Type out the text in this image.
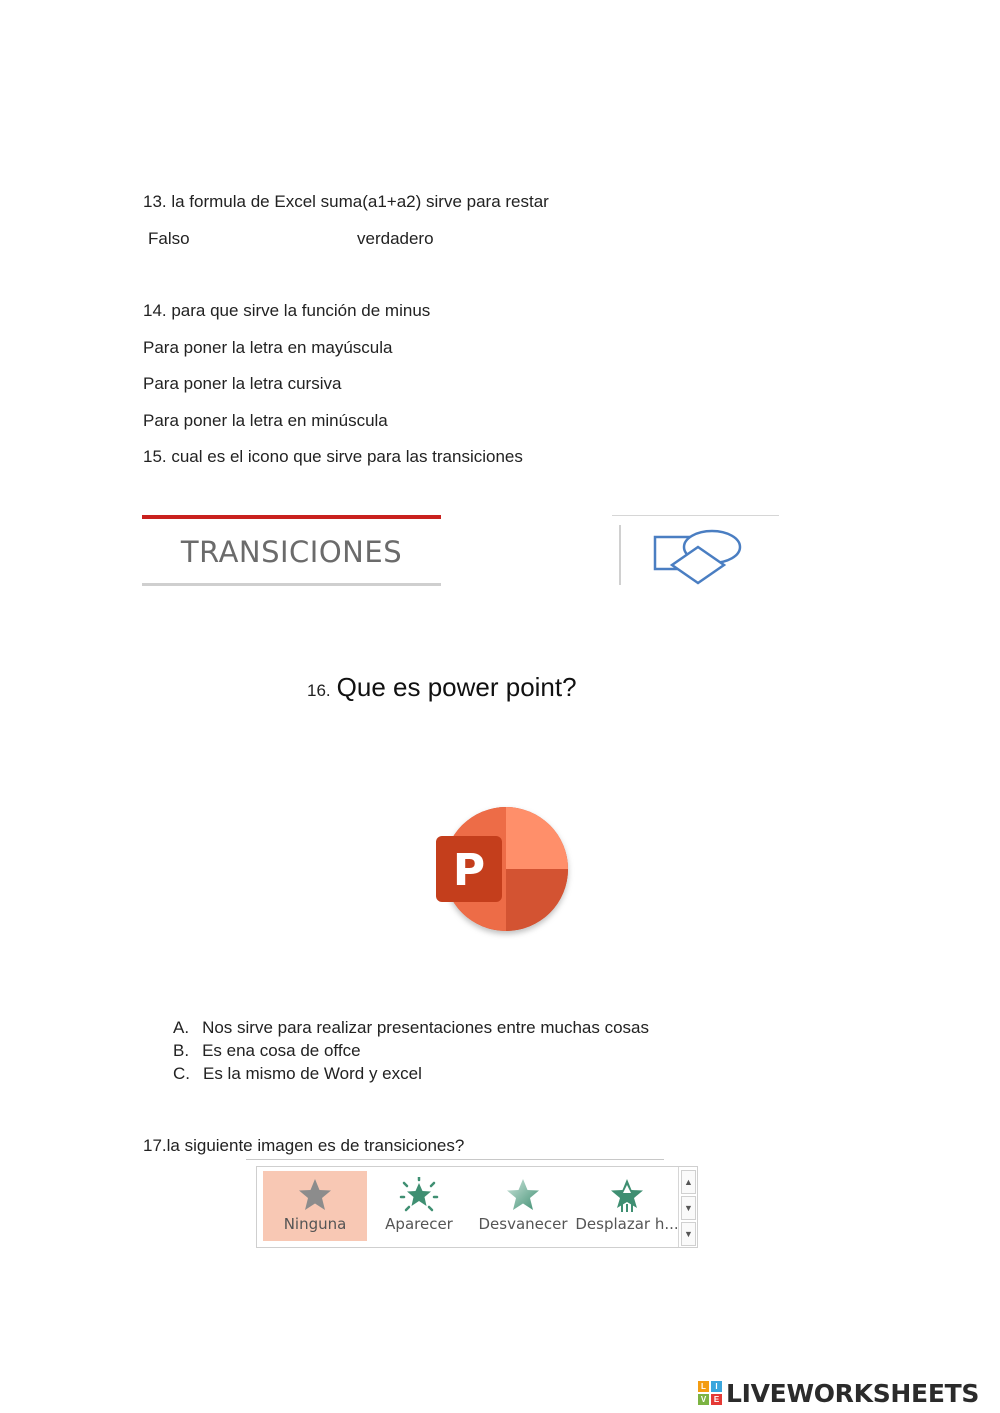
13. la formula de Excel suma(a1+a2) sirve para restar
Falso	verdadero
14. para que sirve la función de minus
Para poner la letra en mayúscula
Para poner la letra cursiva
Para poner la letra en minúscula
15. cual es el icono que sirve para las transiciones
TRANSICIONES
16. Que es power point?
P
A. Nos sirve para realizar presentaciones entre muchas cosas
B. Es ena cosa de offce
C. Es la mismo de Word y excel
17.la siguiente imagen es de transiciones?
Ninguna	Aparecer	Desvanecer Desplazar h...
▲
▼
▼
L	I
V E LIVEWORKSHEETS
